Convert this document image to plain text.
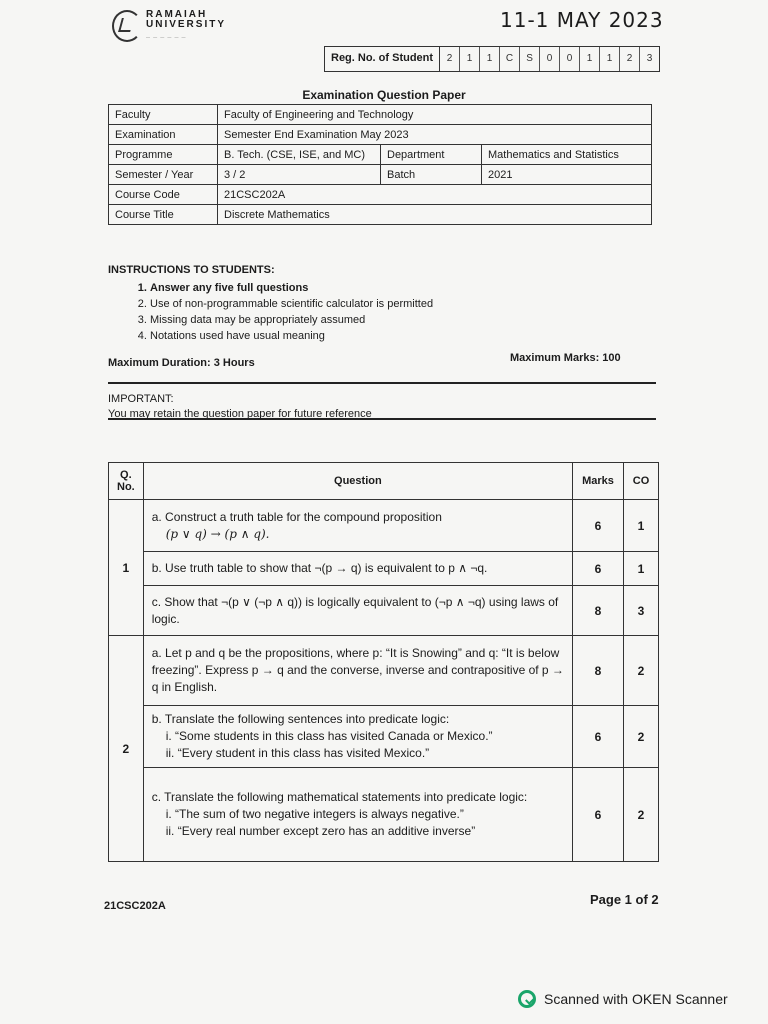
RAMAIAH UNIVERSITY
— — — — — —
11-1 MAY 2023
Reg. No. of Student	2	1	1	C	S	0	0	1	1	2	3
Examination Question Paper
Faculty	Faculty of Engineering and Technology		
Examination	Semester End Examination May 2023		
Programme	B. Tech. (CSE, ISE, and MC)	Department	Mathematics and Statistics
Semester / Year	3 / 2	Batch	2021
Course Code	21CSC202A		
Course Title	Discrete Mathematics		
INSTRUCTIONS TO STUDENTS:
1. Answer any five full questions
2. Use of non-programmable scientific calculator is permitted
3. Missing data may be appropriately assumed
4. Notations used have usual meaning
Maximum Duration: 3 Hours	Maximum Marks: 100
IMPORTANT:
You may retain the question paper for future reference
Q. No.	Question	Marks	CO
1	a. Construct a truth table for the compound proposition
(p ∨ q) → (p ∧ q).	6	1
	b. Use truth table to show that ¬(p → q) is equivalent to p ∧ ¬q.	6	1
	c. Show that ¬(p ∨ (¬p ∧ q)) is logically equivalent to (¬p ∧ ¬q) using laws of logic.	8	3
2	a. Let p and q be the propositions, where p: “It is Snowing” and q: “It is below freezing”. Express p → q and the converse, inverse and contrapositive of p → q in English.	8	2

	b. Translate the following sentences into predicate logic:
i. “Some students in this class has visited Canada or Mexico.”
ii. “Every student in this class has visited Mexico.”	6	2

	c. Translate the following mathematical statements into predicate logic:
i. “The sum of two negative integers is always negative.”
ii. “Every real number except zero has an additive inverse”	6	2
21CSC202A	Page 1 of 2
Scanned with OKEN Scanner
